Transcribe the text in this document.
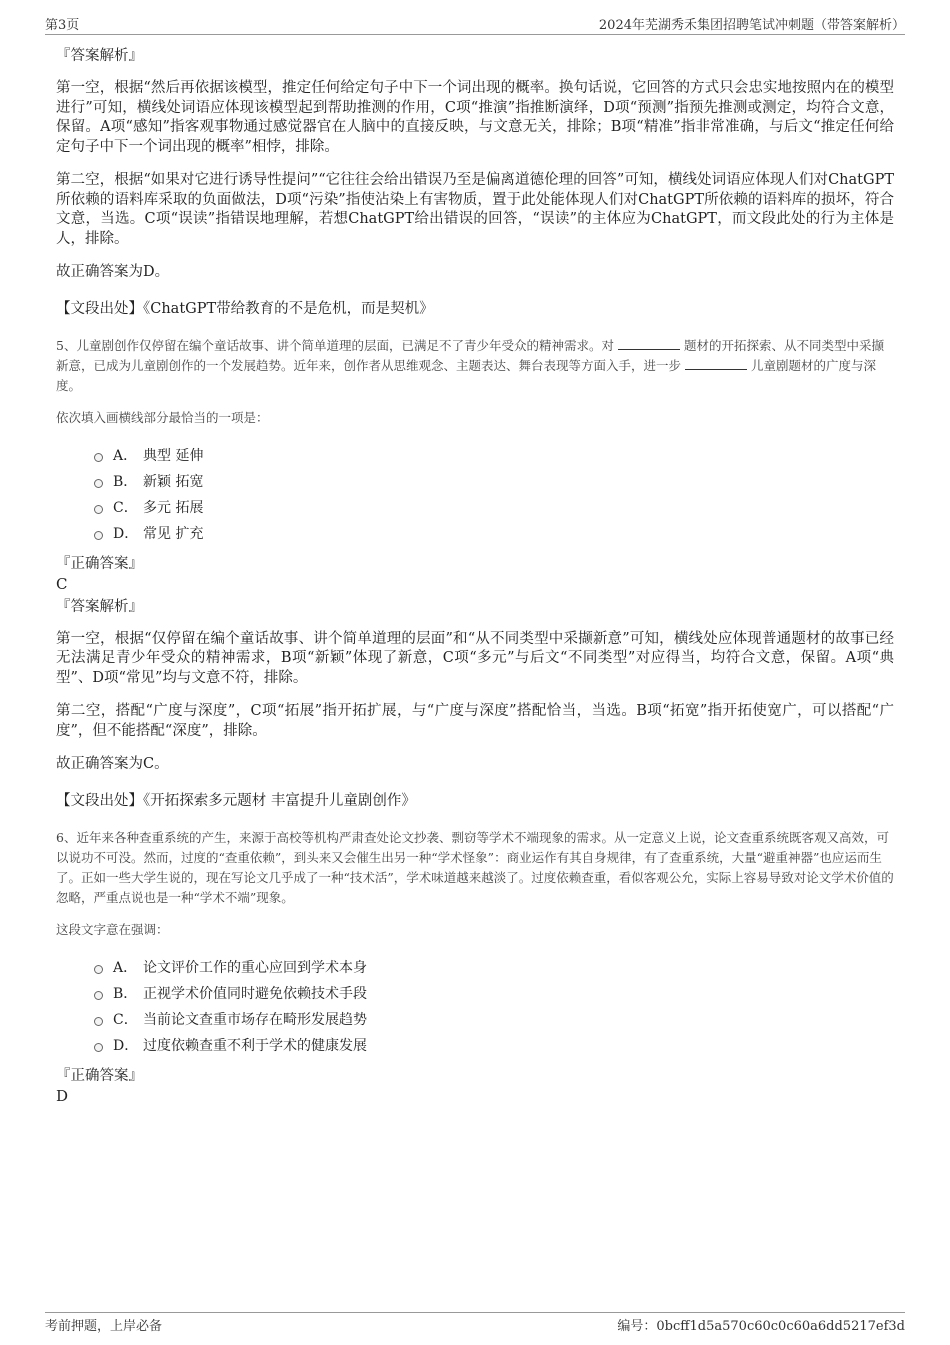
第3页	2024年芜湖秀禾集团招聘笔试冲刺题（带答案解析）
『答案解析』

第一空，根据“然后再依据该模型，推定任何给定句子中下一个词出现的概率。换句话说，它回答的方式只会忠实地按照内在的模型进行”可知，横线处词语应体现该模型起到帮助推测的作用，C项“推演”指推断演绎，D项“预测”指预先推测或测定，均符合文意，保留。A项“感知”指客观事物通过感觉器官在人脑中的直接反映，与文意无关，排除；B项“精准”指非常准确，与后文“推定任何给定句子中下一个词出现的概率”相悖，排除。

第二空，根据“如果对它进行诱导性提问”“它往往会给出错误乃至是偏离道德伦理的回答”可知，横线处词语应体现人们对ChatGPT所依赖的语料库采取的负面做法，D项“污染”指使沾染上有害物质，置于此处能体现人们对ChatGPT所依赖的语料库的损坏，符合文意，当选。C项“误读”指错误地理解，若想ChatGPT给出错误的回答，“误读”的主体应为ChatGPT，而文段此处的行为主体是人，排除。

故正确答案为D。

【文段出处】《ChatGPT带给教育的不是危机，而是契机》
5、儿童剧创作仅停留在编个童话故事、讲个简单道理的层面，已满足不了青少年受众的精神需求。对	题材的开拓探索、从不同类型中采撷新意，已成为儿童剧创作的一个发展趋势。近年来，创作者从思维观念、主题表达、舞台表现等方面入手，进一步	儿童剧题材的广度与深度。
依次填入画横线部分最恰当的一项是：
A． 典型 延伸
B． 新颖 拓宽
C． 多元 拓展
D． 常见 扩充
『正确答案』
C
『答案解析』

第一空，根据“仅停留在编个童话故事、讲个简单道理的层面”和“从不同类型中采撷新意”可知，横线处应体现普通题材的故事已经无法满足青少年受众的精神需求，B项“新颖”体现了新意，C项“多元”与后文“不同类型”对应得当，均符合文意，保留。A项“典型”、D项“常见”均与文意不符，排除。

第二空，搭配“广度与深度”，C项“拓展”指开拓扩展，与“广度与深度”搭配恰当，当选。B项“拓宽”指开拓使宽广，可以搭配“广度”，但不能搭配“深度”，排除。

故正确答案为C。

【文段出处】《开拓探索多元题材 丰富提升儿童剧创作》
6、近年来各种查重系统的产生，来源于高校等机构严肃查处论文抄袭、剽窃等学术不端现象的需求。从一定意义上说，论文查重系统既客观又高效，可以说功不可没。然而，过度的“查重依赖”，到头来又会催生出另一种“学术怪象”：商业运作有其自身规律，有了查重系统，大量“避重神器”也应运而生了。正如一些大学生说的，现在写论文几乎成了一种“技术活”，学术味道越来越淡了。过度依赖查重，看似客观公允，实际上容易导致对论文学术价值的忽略，严重点说也是一种“学术不端”现象。
这段文字意在强调：
A． 论文评价工作的重心应回到学术本身
B． 正视学术价值同时避免依赖技术手段
C． 当前论文查重市场存在畸形发展趋势
D． 过度依赖查重不利于学术的健康发展
『正确答案』
D
考前押题，上岸必备	编号：0bcff1d5a570c60c0c60a6dd5217ef3d
